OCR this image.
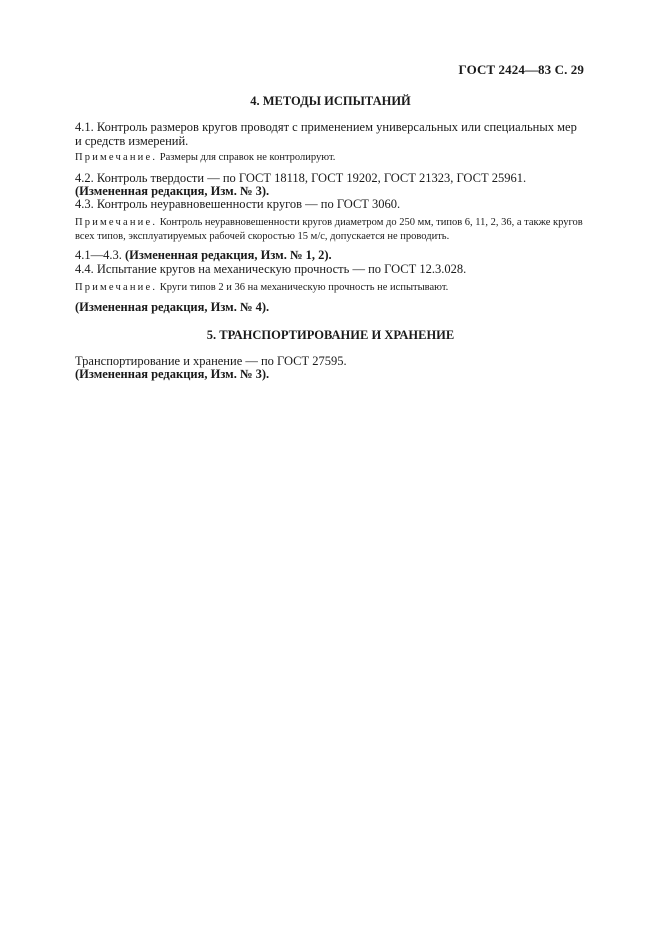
ГОСТ 2424—83 С. 29
4. МЕТОДЫ ИСПЫТАНИЙ
4.1. Контроль размеров кругов проводят с применением универсальных или специальных мер и средств измерений.
Примечание. Размеры для справок не контролируют.
4.2. Контроль твердости — по ГОСТ 18118, ГОСТ 19202, ГОСТ 21323, ГОСТ 25961.
(Измененная редакция, Изм. № 3).
4.3. Контроль неуравновешенности кругов — по ГОСТ 3060.
Примечание. Контроль неуравновешенности кругов диаметром до 250 мм, типов 6, 11, 2, 36, а также кругов всех типов, эксплуатируемых рабочей скоростью 15 м/с, допускается не проводить.
4.1—4.3. (Измененная редакция, Изм. № 1, 2).
4.4. Испытание кругов на механическую прочность — по ГОСТ 12.3.028.
Примечание. Круги типов 2 и 36 на механическую прочность не испытывают.
(Измененная редакция, Изм. № 4).
5. ТРАНСПОРТИРОВАНИЕ И ХРАНЕНИЕ
Транспортирование и хранение — по ГОСТ 27595.
(Измененная редакция, Изм. № 3).
